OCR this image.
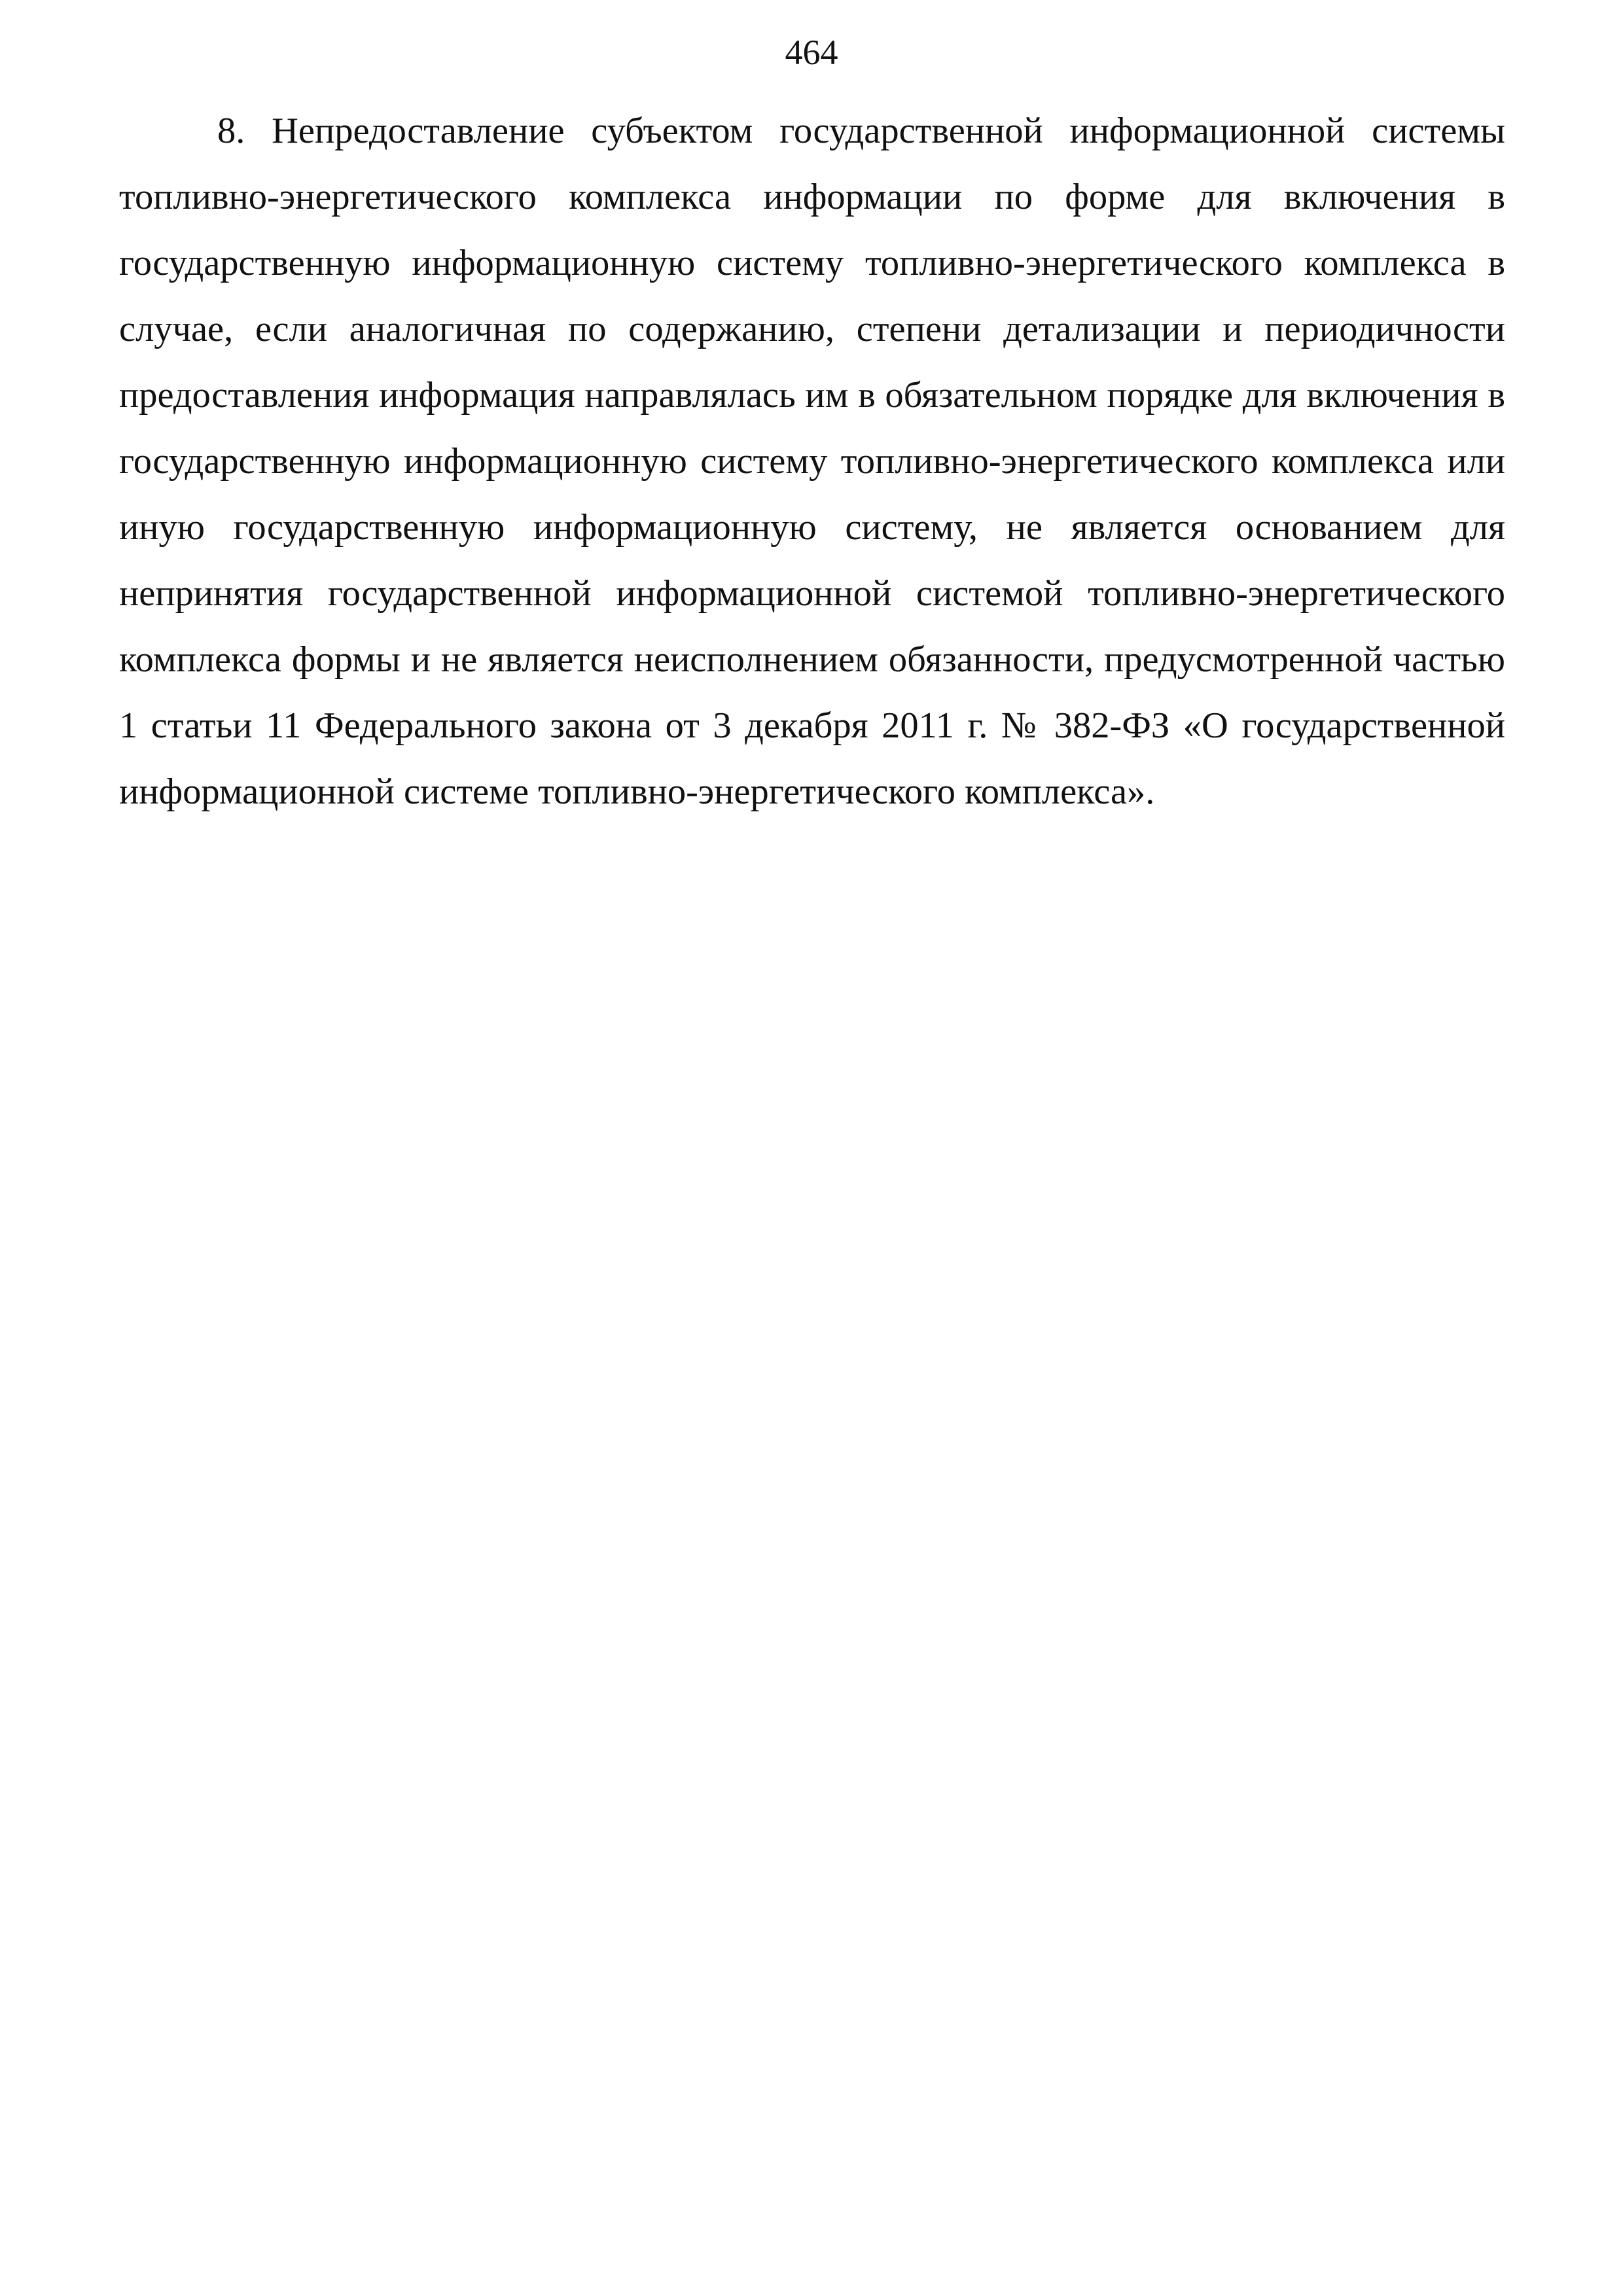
464

8. Непредоставление субъектом государственной информационной системы топливно-энергетического комплекса информации по форме для включения в государственную информационную систему топливно-энергетического комплекса в случае, если аналогичная по содержанию, степени детализации и периодичности предоставления информация направлялась им в обязательном порядке для включения в государственную информационную систему топливно-энергетического комплекса или иную государственную информационную систему, не является основанием для непринятия государственной информационной системой топливно-энергетического комплекса формы и не является неисполнением обязанности, предусмотренной частью 1 статьи 11 Федерального закона от 3 декабря 2011 г. № 382-ФЗ «О государственной информационной системе топливно-энергетического комплекса».
